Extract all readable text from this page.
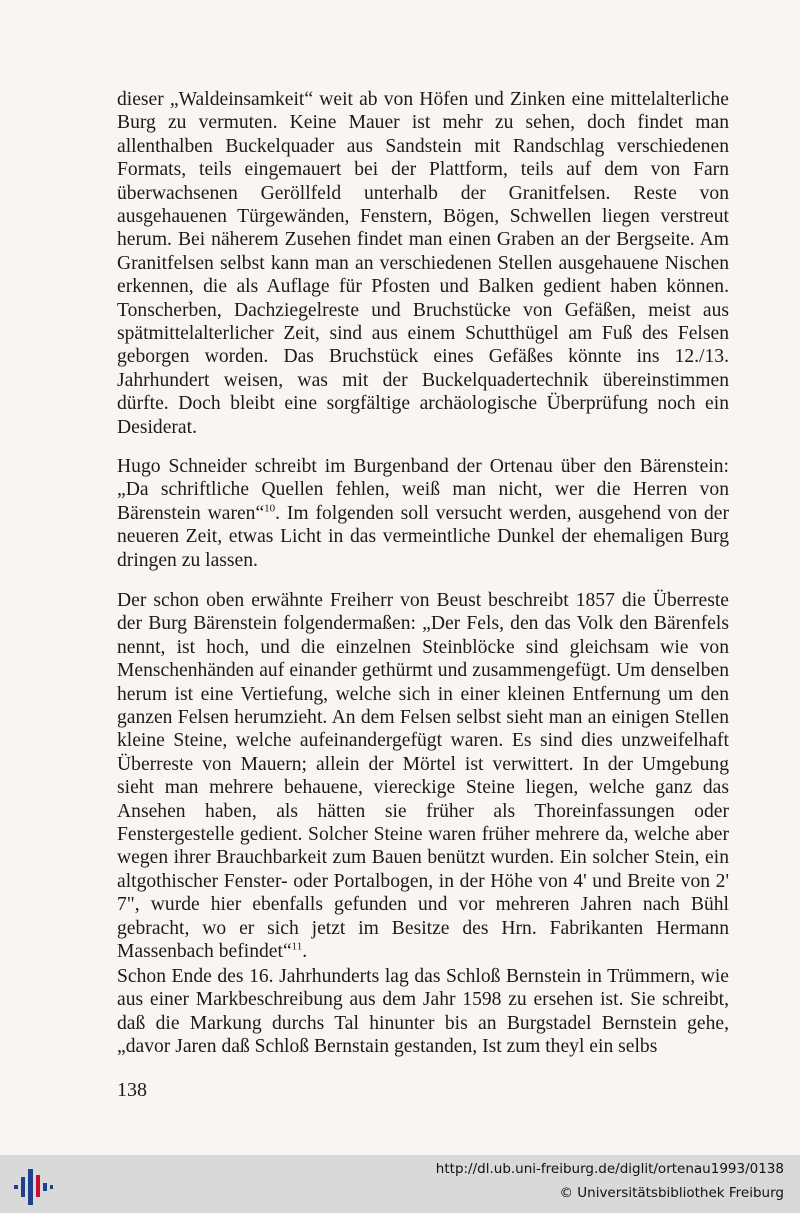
dieser „Waldeinsamkeit“ weit ab von Höfen und Zinken eine mittelalterliche Burg zu vermuten. Keine Mauer ist mehr zu sehen, doch findet man allenthalben Buckelquader aus Sandstein mit Randschlag verschiedenen Formats, teils eingemauert bei der Plattform, teils auf dem von Farn überwachsenen Geröllfeld unterhalb der Granitfelsen. Reste von ausgehauenen Türgewänden, Fenstern, Bögen, Schwellen liegen verstreut herum. Bei näherem Zusehen findet man einen Graben an der Bergseite. Am Granitfelsen selbst kann man an verschiedenen Stellen ausgehauene Nischen erkennen, die als Auflage für Pfosten und Balken gedient haben können. Tonscherben, Dachziegelreste und Bruchstücke von Gefäßen, meist aus spätmittelalterlicher Zeit, sind aus einem Schutthügel am Fuß des Felsen geborgen worden. Das Bruchstück eines Gefäßes könnte ins 12./13. Jahrhundert weisen, was mit der Buckelquadertechnik übereinstimmen dürfte. Doch bleibt eine sorgfältige archäologische Überprüfung noch ein Desiderat.
Hugo Schneider schreibt im Burgenband der Ortenau über den Bärenstein: „Da schriftliche Quellen fehlen, weiß man nicht, wer die Herren von Bärenstein waren“$^{10}$. Im folgenden soll versucht werden, ausgehend von der neueren Zeit, etwas Licht in das vermeintliche Dunkel der ehemaligen Burg dringen zu lassen.
Der schon oben erwähnte Freiherr von Beust beschreibt 1857 die Überreste der Burg Bärenstein folgendermaßen: „Der Fels, den das Volk den Bärenfels nennt, ist hoch, und die einzelnen Steinblöcke sind gleichsam wie von Menschenhänden auf einander gethürmt und zusammengefügt. Um denselben herum ist eine Vertiefung, welche sich in einer kleinen Entfernung um den ganzen Felsen herumzieht. An dem Felsen selbst sieht man an einigen Stellen kleine Steine, welche aufeinandergefügt waren. Es sind dies unzweifelhaft Überreste von Mauern; allein der Mörtel ist verwittert. In der Umgebung sieht man mehrere behauene, viereckige Steine liegen, welche ganz das Ansehen haben, als hätten sie früher als Thoreinfassungen oder Fenstergestelle gedient. Solcher Steine waren früher mehrere da, welche aber wegen ihrer Brauchbarkeit zum Bauen benützt wurden. Ein solcher Stein, ein altgothischer Fenster- oder Portalbogen, in der Höhe von 4' und Breite von 2' 7", wurde hier ebenfalls gefunden und vor mehreren Jahren nach Bühl gebracht, wo er sich jetzt im Besitze des Hrn. Fabrikanten Hermann Massenbach befindet“$^{11}$.
Schon Ende des 16. Jahrhunderts lag das Schloß Bernstein in Trümmern, wie aus einer Markbeschreibung aus dem Jahr 1598 zu ersehen ist. Sie schreibt, daß die Markung durchs Tal hinunter bis an Burgstadel Bernstein gehe, „davor Jaren daß Schloß Bernstain gestanden, Ist zum theyl ein selbs
138
http://dl.ub.uni-freiburg.de/diglit/ortenau1993/0138
© Universitätsbibliothek Freiburg
